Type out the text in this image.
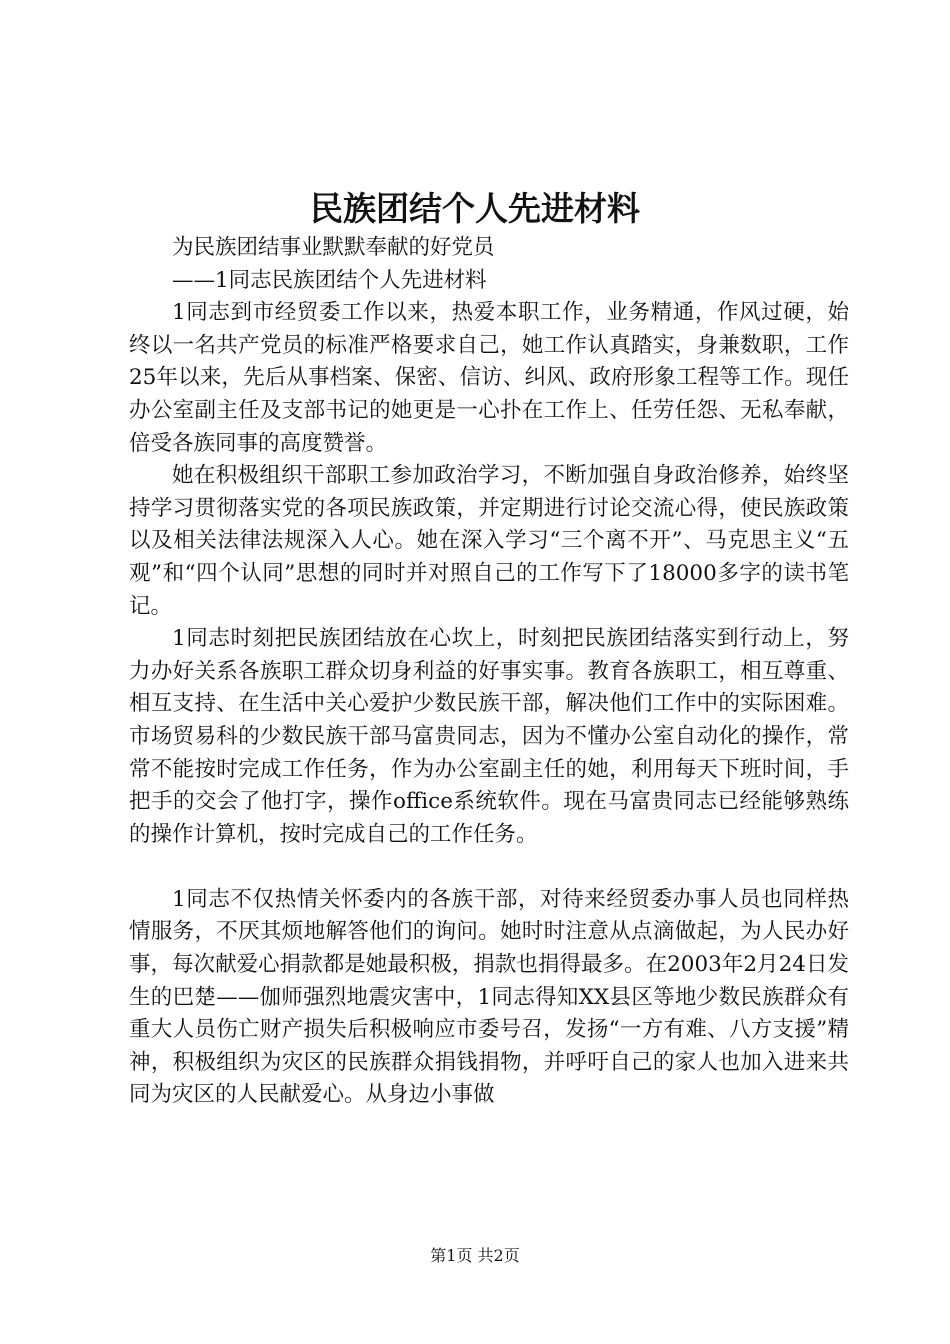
民族团结个人先进材料

为民族团结事业默默奉献的好党员

——1同志民族团结个人先进材料

1同志到市经贸委工作以来，热爱本职工作，业务精通，作风过硬，始终以一名共产党员的标准严格要求自己，她工作认真踏实，身兼数职，工作25年以来，先后从事档案、保密、信访、纠风、政府形象工程等工作。现任办公室副主任及支部书记的她更是一心扑在工作上、任劳任怨、无私奉献，倍受各族同事的高度赞誉。

她在积极组织干部职工参加政治学习，不断加强自身政治修养，始终坚持学习贯彻落实党的各项民族政策，并定期进行讨论交流心得，使民族政策以及相关法律法规深入人心。她在深入学习“三个离不开”、马克思主义“五观”和“四个认同”思想的同时并对照自己的工作写下了18000多字的读书笔记。

1同志时刻把民族团结放在心坎上，时刻把民族团结落实到行动上，努力办好关系各族职工群众切身利益的好事实事。教育各族职工，相互尊重、相互支持、在生活中关心爱护少数民族干部，解决他们工作中的实际困难。市场贸易科的少数民族干部马富贵同志，因为不懂办公室自动化的操作，常常不能按时完成工作任务，作为办公室副主任的她，利用每天下班时间，手把手的交会了他打字，操作office系统软件。现在马富贵同志已经能够熟练的操作计算机，按时完成自己的工作任务。

1同志不仅热情关怀委内的各族干部，对待来经贸委办事人员也同样热情服务，不厌其烦地解答他们的询问。她时时注意从点滴做起，为人民办好事，每次献爱心捐款都是她最积极，捐款也捐得最多。在2003年2月24日发生的巴楚——伽师强烈地震灾害中，1同志得知XX县区等地少数民族群众有重大人员伤亡财产损失后积极响应市委号召，发扬“一方有难、八方支援”精神，积极组织为灾区的民族群众捐钱捐物，并呼吁自己的家人也加入进来共同为灾区的人民献爱心。从身边小事做

第1页 共2页
